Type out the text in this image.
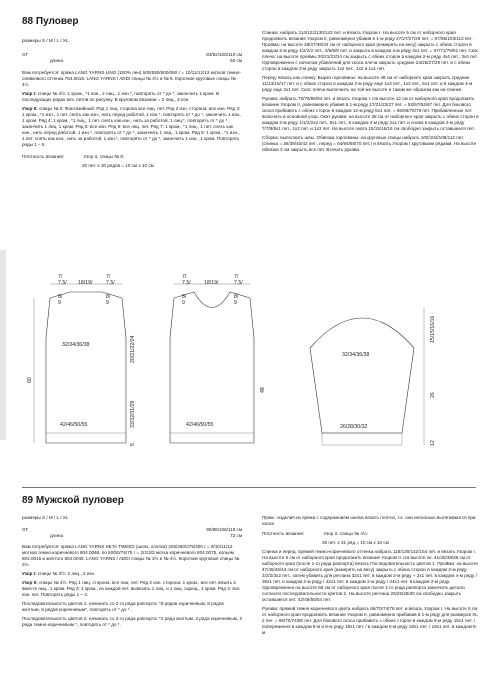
88 Пуловер

размеры S / M / L / XL

ОГ	84/92/100/110 см
длина	60 см

Вам потребуется: пряжа LANG YARNS LINO (100% лен) 500/550/600/650 г = 10/11/12/13 мотков темно-оливкового оттенка 784.0015. LANG YARNS / ADDI спицы № 4½ и № 6. Короткие круговые спицы № 4½.

Узор I: спицы № 4½: 1 кром., *1 изн., 2 лиц., 1 изн.*, повторять от * до *, закончить 1 кром. В последующих рядах вяз. петли по рисунку. В круговом вязании = 2 лиц., 2 изн.

Узор II: спицы № 6: Фантазийный: Ряд 1 лиц. сторона все лиц. пет. Ряд 2 изн. сторона: все изн. Ряд 3: 1 кром., *1 изн., 1 пет. снять как изн., нить перед работой, 1 изн.*, повторять от * до *, закончить 1 изн., 1 кром. Ряд 4: 1 кром., *1 лиц., 1 пет. снять как изн., нить за работой, 1 лиц.*, повторять от * до *, закончить 1 лиц. 1 кром. Ряд 5: все изн. Ряд 6: все лиц. пет. Ряд 7: 1 кром., *1 лиц., 1 пет. снять как изн., нить перед работой, 1 изн.*, повторять от * до *, закончить 1 лиц., 1 кром. Ряд 8: 1 кром., *1 изн., 1 пет. снять как изн., нить за работой, 1 изн.*, повторять от * до *, закончить 1 изн., 1 кром. Повторять ряды 1 – 8.

Плотность вязания:	Узор II, спицы № 6:

20 пет. х 30 рядов = 10 см х 10 см

Спинка: набрать 114/122/130/142 пет. и вязать Узором I. На высоте 5 см от наборного края продолжить вязание Узором II, равномерно убавив в 1-м ряду 27/27/27/29 пет. = 87/95/103/113 пет. Пройма: на высоте 38/37/36/34 см от наборного края (измерять на весу) закрыть с обеих сторон в каждом 2-м ряду 1/2/2/2 пет., 4/6/6/8 пет. и закрыть в каждом 4-м ряду 4х1 пет. = 67/71/75/81 пет. Скос плеча: на высоте проймы 20/21/22/24 см закрыть с обеих сторон в каждом 2-м ряду 4х4 пет., 3х4 пет. Одновременно с началом убавлений для скоса плеча закрыть средние 23/25/27/29 пет. и с обеих сторон в каждом 2-м ряду закрыть 1х2 пет., 1х2 и 1х1 пет.

Перед: вязать как спинку. Вырез горловины: на высоте 48 см от наборного края закрыть средние 11/13/15/17 пет. и с обеих сторон в каждом 2-м ряду еще 1х3 пет., 1х2 пет., 5х1 пет. и в каждом 4-м ряду еще 2х1 пет. Скос плеча выполнить на той же высоте и таким же образом как на спинке.

Рукава: набрать 70/78/86/94 пет. и вязать Узором I. На высоте 12 см от наборного края продолжить вязание Узором II, равномерно убавив в 1-м ряду 17/21/23/27 пет. = 53/57/63/67 пет. Для бокового скоса прибавить с обеих сторон в каждом 12-м ряду 6х1 пет. = 65/69/75/79 пет. Прибавленные пет. включать в основной узор. Окат рукава: на высоте 38 см от наборного края закрыть с обеих сторон в каждом 2-м ряду 1/1/2/2х2 пет., 8х1 пет., в каждом 4-м ряду 2х1 пет. и снова в каждом 2-м ряду 7/7/8/8х1 пет., 1х2 пет. и 1х3 пет. На высоте оката 15/15/16/16 см свободно закрыть оставшиеся пет.

Сборка: выполнить швы. Обвязка горловины: на круговые спицы набрать 100/104/108/112 пет. (спинка = 36/38/40/42 пет., перед = 64/66/68/70 пет.) и вязать Узором I круговыми рядами. На высоте обвязки 3 см закрыть все пет. Втачать рукава.

7/
7.5/ 18/19/
7/
7.5/
8/
9
8/
9
32/34/36/38
42/46/50/55
60
20/21/22/24
33/32/31/29
5
7/
7.5/	18/19/
7/
7.5/
8/
9
8/
9
42/46/50/55
48
32/34/36/38
26/28/30/32
15/15/16/16
26
12
89 Мужской пуловер

размеры S / M / L / XL

ОГ	90/98/106/116 см
длина	72 см

Вам потребуется: пряжа LANG YARNS SETA TWEED (шелк, хлопок) 225/250/275/300 г = 9/10/11/12 мотков темно-коричневого 804.0068, по 50/50/75/75 г = 2/2/3/3 мотка коричневого 804.0075, копьем 804.0015 и желтого 804.0049. LANG YARNS / ADDI спицы № 3½ и № 4½. Короткие круговые спицы № 3½.

Узор I: спицы № 3½: 2 лиц., 2 изн.

Узор II: спицы № 4½: Ряд 1 лиц. сторона: все лиц. пет. Ряд 2 изн. сторона: 1 кром., все пет. вязать 2 вместе лиц., 1 кром. Ряд 3: 1 кром., из каждой пет. вывязать 1 лиц. и 1 лиц. скрещ., 1 кром. Ряд 4: все изн. пет. Повторять ряды 1 – 4.

Последовательность цветов 1: начинать со 2-го ряда раппорта: *8 рядов коричневым, 8 рядов желтым, 8 рядов коричневым*, повторять от * до *.

Последовательность цветов 2: начинать со 2-го ряда раппорта: *2 ряда желтым, 2 ряда коричневым, 2 ряда темно-коричневым *, повторять от * до *.

Прим.: изделия из пряжи с содержанием шелка вязать плотно, т.к. они несколько вытягиваются при носке.

Плотность вязания:	Узор II, спицы № 4½:

26 пет. х 31 ряд = 10 см х 10 см

Спинка и перед: пряжей темно-коричневого оттенка набрать 118/130/142/154 пет. и вязать Узором I. На высоте 5 см от наборного края продолжить вязание Узором II. На высоте ок. 41/40/38/36 см от наборного края (после 1-го ряда раппорта) вязать Последовательность цветов 1. Пройма: на высоте 47/46/46/44 см от наборного края (измерять на весу) закрыть с обеих сторон в каждом 2-м ряду 2/2/2/3х2 пет., затем убавить для реглана 32х1 пет. в каждом 2-м ряду + 2х1 пет. в каждом 4-м ряду / 38х1 пет. в каждом 2-м ряду / 42х1 пет. в каждом 2-м ряду / 44х1 пет. в каждом 2-м ряду. Одновременно на высоте 58 см от наборного края после 1-го ряда раппорта закончить детали согласно последовательности цветов 2. На высоте реглана 25/26/28/30 см свободно закрыть оставшиеся пет. 42/46/50/54 пет.

Рукава: пряжей темно-коричневого цвета набрать 66/70/74/78 пет. и вязать Узором I. На высоте 5 см от наборного края продолжить вязание Узором II, равномерно прибавив в 1-м ряду для размеров XL 2 пет. = 66/70/74/80 пет. Для бокового скоса прибавить с обеих сторон в каждом 8-м ряду 15х1 пет. / попеременно в каждом 6-м и 8-м ряду 18х1 пет. / в каждом 6-м ряду 18х1 пет. / 19х1 пет. в каждом 6-м
